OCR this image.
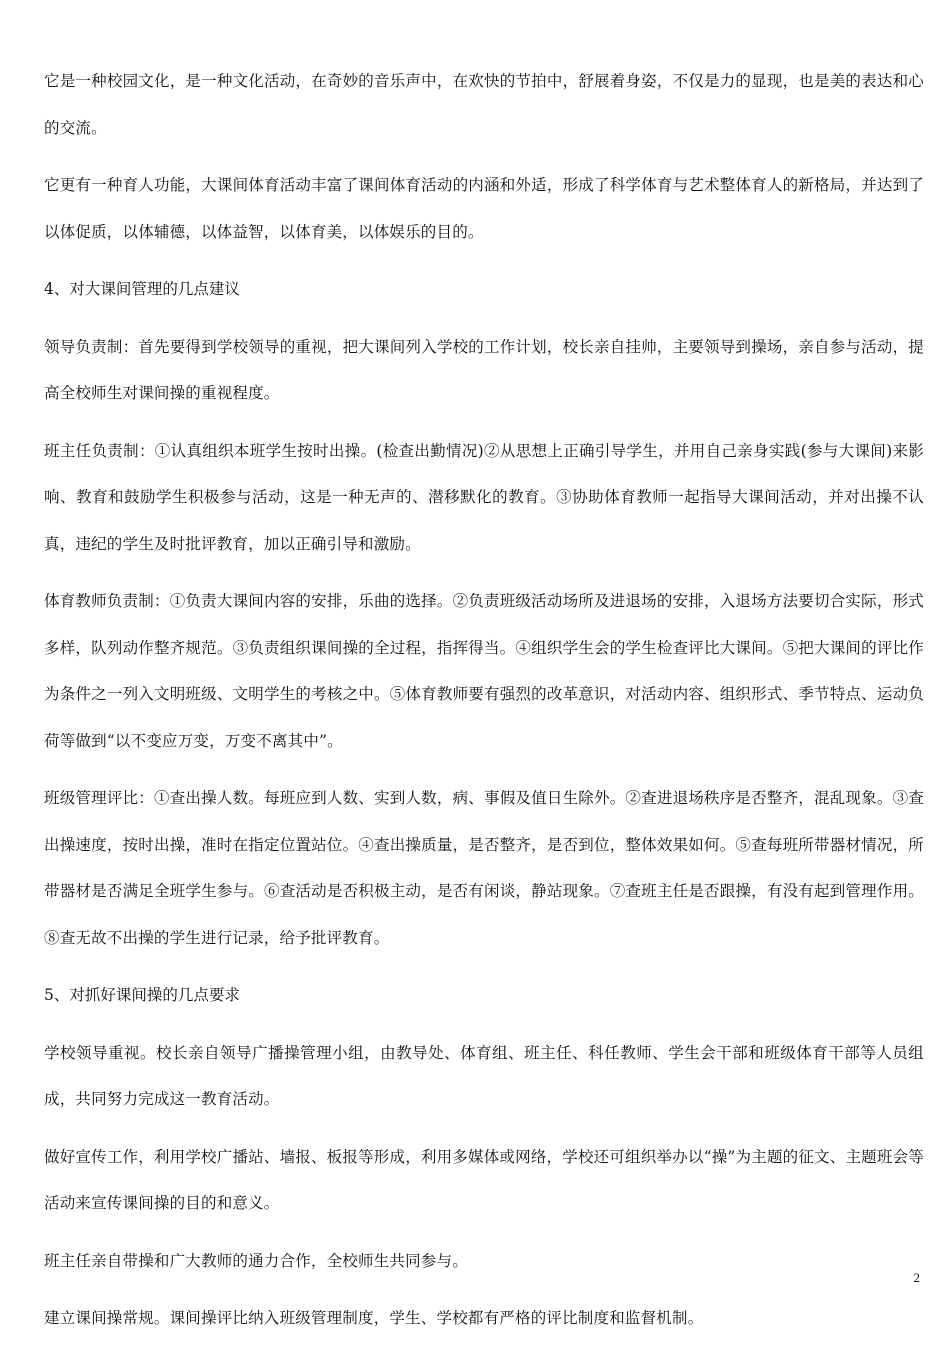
它是一种校园文化，是一种文化活动，在奇妙的音乐声中，在欢快的节拍中，舒展着身姿，不仅是力的显现，也是美的表达和心的交流。

它更有一种育人功能，大课间体育活动丰富了课间体育活动的内涵和外适，形成了科学体育与艺术整体育人的新格局，并达到了以体促质，以体辅德，以体益智，以体育美，以体娱乐的目的。

4、对大课间管理的几点建议

领导负责制：首先要得到学校领导的重视，把大课间列入学校的工作计划，校长亲自挂帅，主要领导到操场，亲自参与活动，提高全校师生对课间操的重视程度。

班主任负责制：①认真组织本班学生按时出操。(检查出勤情况)②从思想上正确引导学生，并用自己亲身实践(参与大课间)来影响、教育和鼓励学生积极参与活动，这是一种无声的、潜移默化的教育。③协助体育教师一起指导大课间活动，并对出操不认真，违纪的学生及时批评教育，加以正确引导和激励。

体育教师负责制：①负责大课间内容的安排，乐曲的选择。②负责班级活动场所及进退场的安排，入退场方法要切合实际，形式多样，队列动作整齐规范。③负责组织课间操的全过程，指挥得当。④组织学生会的学生检查评比大课间。⑤把大课间的评比作为条件之一列入文明班级、文明学生的考核之中。⑤体育教师要有强烈的改革意识，对活动内容、组织形式、季节特点、运动负荷等做到“以不变应万变，万变不离其中”。

班级管理评比：①查出操人数。每班应到人数、实到人数，病、事假及值日生除外。②查进退场秩序是否整齐，混乱现象。③查出操速度，按时出操，准时在指定位置站位。④查出操质量，是否整齐，是否到位，整体效果如何。⑤查每班所带器材情况，所带器材是否满足全班学生参与。⑥查活动是否积极主动，是否有闲谈，静站现象。⑦查班主任是否跟操，有没有起到管理作用。⑧查无故不出操的学生进行记录，给予批评教育。

5、对抓好课间操的几点要求

学校领导重视。校长亲自领导广播操管理小组，由教导处、体育组、班主任、科任教师、学生会干部和班级体育干部等人员组成，共同努力完成这一教育活动。

做好宣传工作，利用学校广播站、墙报、板报等形成，利用多媒体或网络，学校还可组织举办以“操”为主题的征文、主题班会等活动来宣传课间操的目的和意义。

班主任亲自带操和广大教师的通力合作，全校师生共同参与。

建立课间操常规。课间操评比纳入班级管理制度，学生、学校都有严格的评比制度和监督机制。

2
